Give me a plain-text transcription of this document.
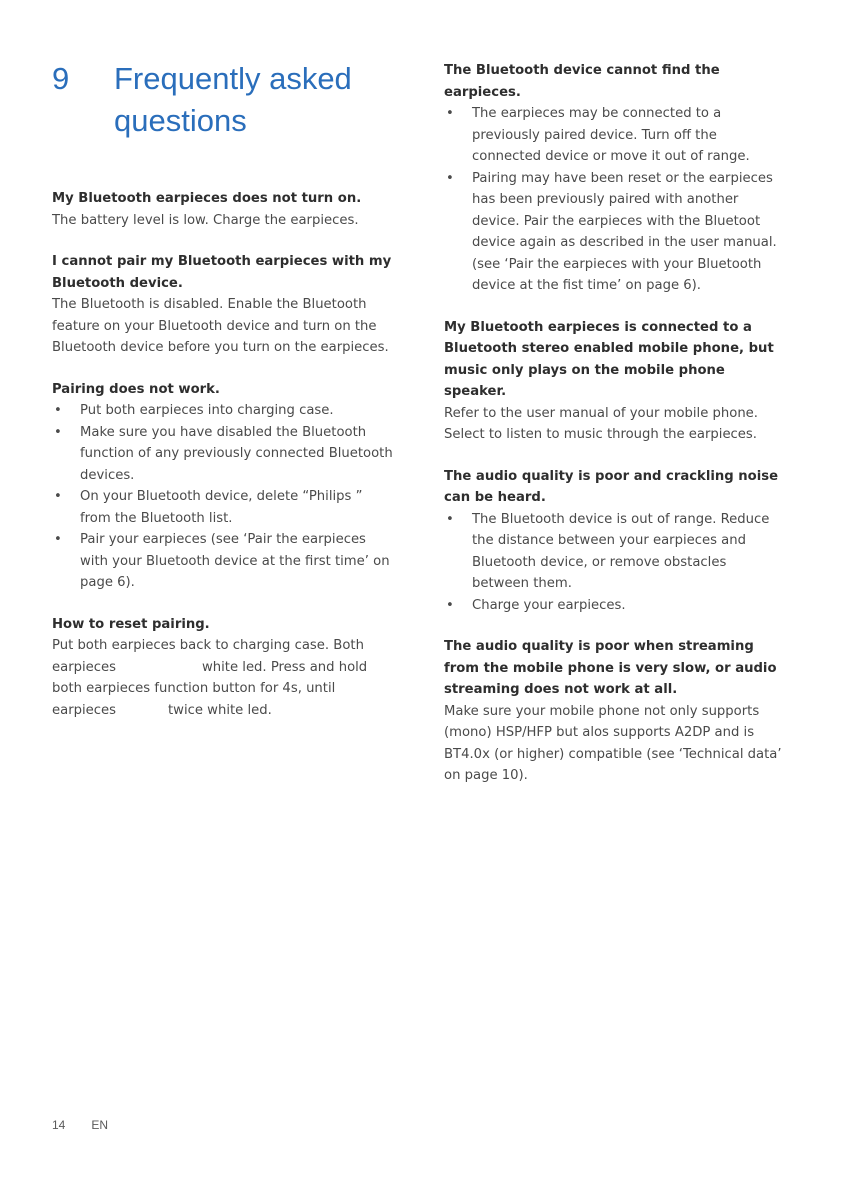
9	Frequently asked questions

My Bluetooth earpieces does not turn on.

The battery level is low. Charge the earpieces.

I cannot pair my Bluetooth earpieces with my Bluetooth device.

The Bluetooth is disabled. Enable the Bluetooth feature on your Bluetooth device and turn on the Bluetooth device before you turn on the earpieces.

Pairing does not work.

• Put both earpieces into charging case.
• Make sure you have disabled the Bluetooth function of any previously connected Bluetooth devices.
• On your Bluetooth device, delete “Philips ” from the Bluetooth list.
• Pair your earpieces (see ‘Pair the earpieces with your Bluetooth device at the first time’ on page 6).

How to reset pairing.

Put both earpieces back to charging case. Both earpieces	white led. Press and hold both earpieces function button for 4s, until earpieces	twice white led.

The Bluetooth device cannot find the earpieces.

• The earpieces may be connected to a previously paired device. Turn off the connected device or move it out of range.
• Pairing may have been reset or the earpieces has been previously paired with another device. Pair the earpieces with the Bluetoot device again as described in the user manual. (see ‘Pair the earpieces with your Bluetooth device at the fist time’ on page 6).

My Bluetooth earpieces is connected to a Bluetooth stereo enabled mobile phone, but music only plays on the mobile phone speaker.

Refer to the user manual of your mobile phone. Select to listen to music through the earpieces.

The audio quality is poor and crackling noise can be heard.

• The Bluetooth device is out of range. Reduce the distance between your earpieces and Bluetooth device, or remove obstacles between them.
• Charge your earpieces.

The audio quality is poor when streaming from the mobile phone is very slow, or audio streaming does not work at all.

Make sure your mobile phone not only supports (mono) HSP/HFP but alos supports A2DP and is BT4.0x (or higher) compatible (see ‘Technical data’ on page 10).

14 EN
